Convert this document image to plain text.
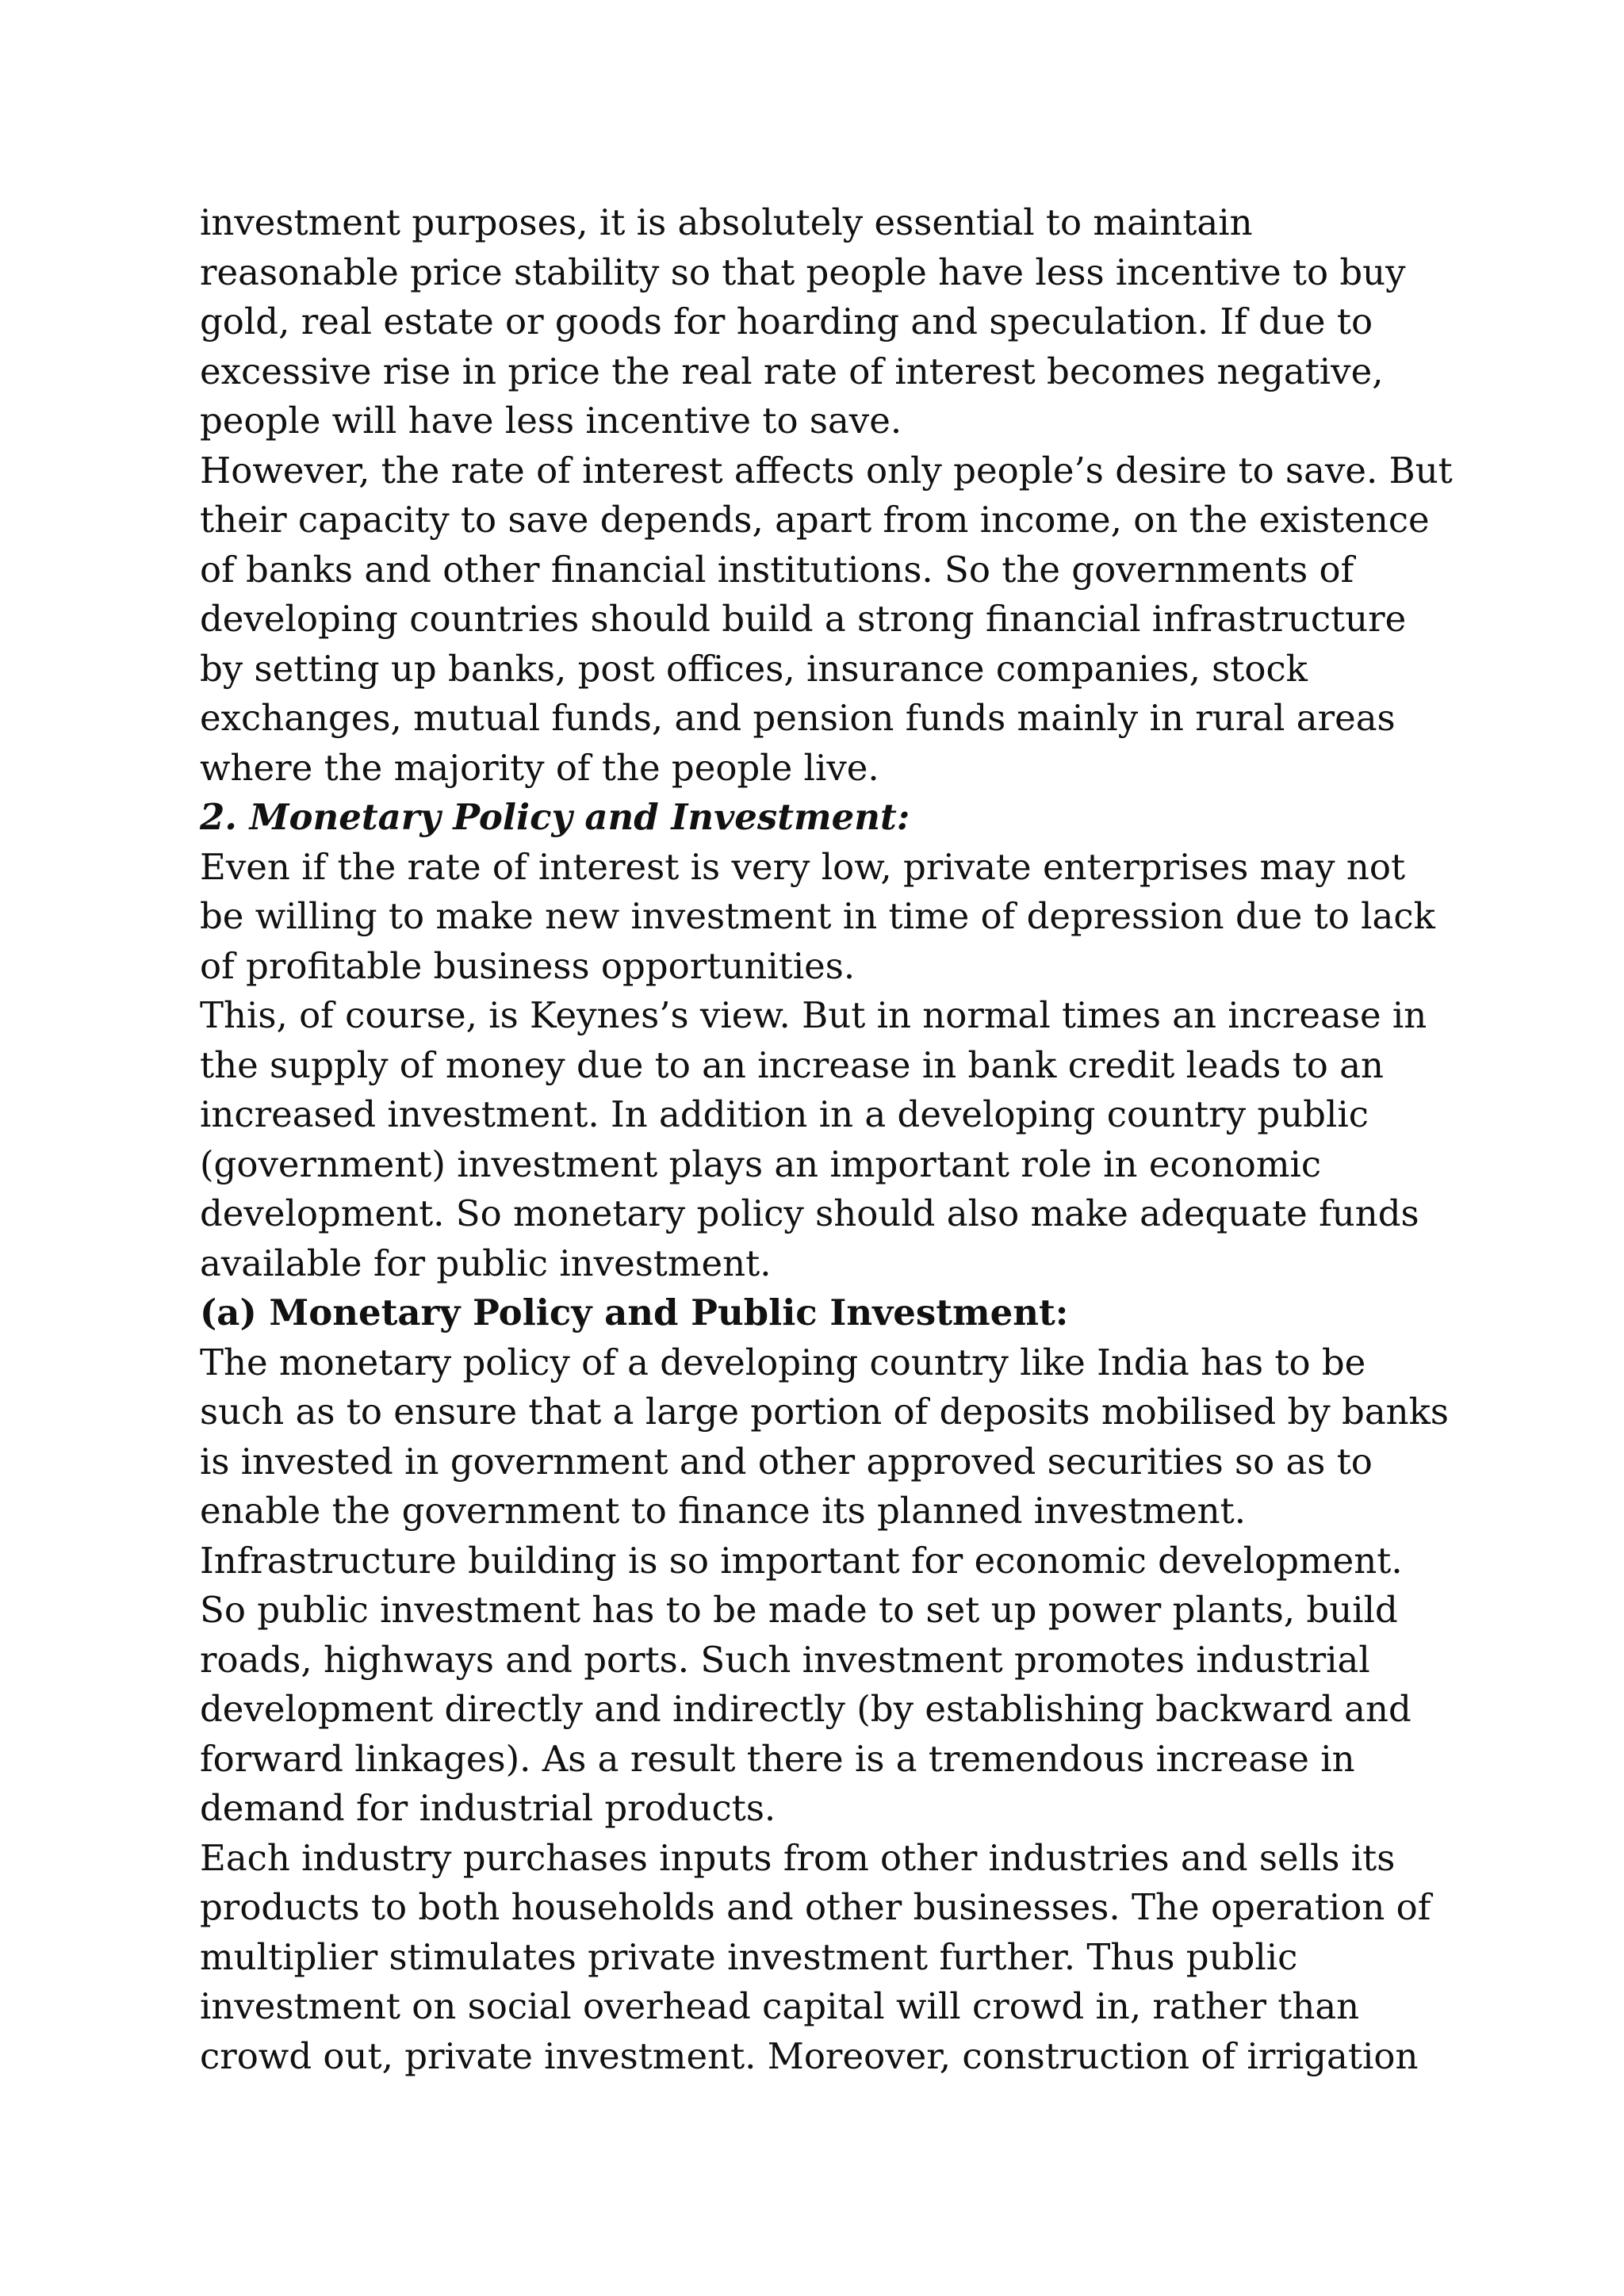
investment purposes, it is absolutely essential to maintain
reasonable price stability so that people have less incentive to buy
gold, real estate or goods for hoarding and speculation. If due to
excessive rise in price the real rate of interest becomes negative,
people will have less incentive to save.

However, the rate of interest affects only people’s desire to save. But
their capacity to save depends, apart from income, on the existence
of banks and other financial institutions. So the governments of
developing countries should build a strong financial infrastructure
by setting up banks, post offices, insurance companies, stock
exchanges, mutual funds, and pension funds mainly in rural areas
where the majority of the people live.

2. Monetary Policy and Investment:

Even if the rate of interest is very low, private enterprises may not
be willing to make new investment in time of depression due to lack
of profitable business opportunities.

This, of course, is Keynes’s view. But in normal times an increase in
the supply of money due to an increase in bank credit leads to an
increased investment. In addition in a developing country public
(government) investment plays an important role in economic
development. So monetary policy should also make adequate funds
available for public investment.

(a) Monetary Policy and Public Investment:

The monetary policy of a developing country like India has to be
such as to ensure that a large portion of deposits mobilised by banks
is invested in government and other approved securities so as to
enable the government to finance its planned investment.

Infrastructure building is so important for economic development.
So public investment has to be made to set up power plants, build
roads, highways and ports. Such investment promotes industrial
development directly and indirectly (by establishing backward and
forward linkages). As a result there is a tremendous increase in
demand for industrial products.

Each industry purchases inputs from other industries and sells its
products to both households and other businesses. The operation of
multiplier stimulates private investment further. Thus public
investment on social overhead capital will crowd in, rather than
crowd out, private investment. Moreover, construction of irrigation
